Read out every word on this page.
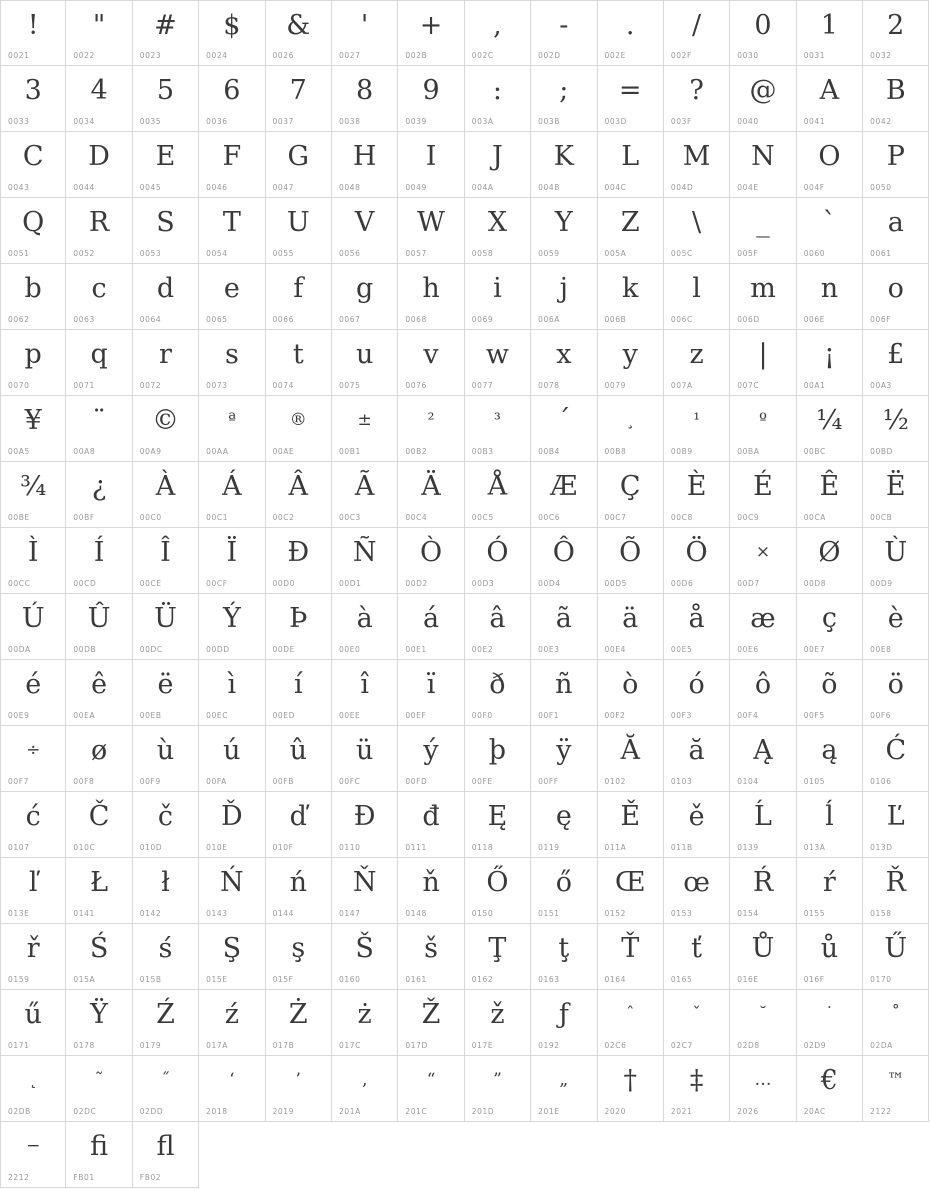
!
0021
"
0022
#
0023
$
0024
&
0026
'
0027
+
002B
,
002C
-
002D
.
002E
/
002F
0
0030
1
0031
2
0032
3
0033
4
0034
5
0035
6
0036
7
0037
8
0038
9
0039
:
003A
;
003B
=
003D
?
003F
@
0040
A
0041
B
0042
C
0043
D
0044
E
0045
F
0046
G
0047
H
0048
I
0049
J
004A
K
004B
L
004C
M
004D
N
004E
O
004F
P
0050
Q
0051
R
0052
S
0053
T
0054
U
0055
V
0056
W
0057
X
0058
Y
0059
Z
005A
\
005C
_
005F
`
0060
a
0061
b
0062
c
0063
d
0064
e
0065
f
0066
g
0067
h
0068
i
0069
j
006A
k
006B
l
006C
m
006D
n
006E
o
006F
p
0070
q
0071
r
0072
s
0073
t
0074
u
0075
v
0076
w
0077
x
0078
y
0079
z
007A
|
007C
¡
00A1
£
00A3
¥
00A5
¨
00A8
©
00A9
ª
00AA
®
00AE
±
00B1
²
00B2
³
00B3
´
00B4
¸
00B8
¹
00B9
º
00BA
¼
00BC
½
00BD
¾
00BE
¿
00BF
À
00C0
Á
00C1
Â
00C2
Ã
00C3
Ä
00C4
Å
00C5
Æ
00C6
Ç
00C7
È
00C8
É
00C9
Ê
00CA
Ë
00CB
Ì
00CC
Í
00CD
Î
00CE
Ï
00CF
Ð
00D0
Ñ
00D1
Ò
00D2
Ó
00D3
Ô
00D4
Õ
00D5
Ö
00D6
×
00D7
Ø
00D8
Ù
00D9
Ú
00DA
Û
00DB
Ü
00DC
Ý
00DD
Þ
00DE
à
00E0
á
00E1
â
00E2
ã
00E3
ä
00E4
å
00E5
æ
00E6
ç
00E7
è
00E8
é
00E9
ê
00EA
ë
00EB
ì
00EC
í
00ED
î
00EE
ï
00EF
ð
00F0
ñ
00F1
ò
00F2
ó
00F3
ô
00F4
õ
00F5
ö
00F6
÷
00F7
ø
00F8
ù
00F9
ú
00FA
û
00FB
ü
00FC
ý
00FD
þ
00FE
ÿ
00FF
Ă
0102
ă
0103
Ą
0104
ą
0105
Ć
0106
ć
0107
Č
010C
č
010D
Ď
010E
ď
010F
Đ
0110
đ
0111
Ę
0118
ę
0119
Ě
011A
ě
011B
Ĺ
0139
ĺ
013A
Ľ
013D
ľ
013E
Ł
0141
ł
0142
Ń
0143
ń
0144
Ň
0147
ň
0148
Ő
0150
ő
0151
Œ
0152
œ
0153
Ŕ
0154
ŕ
0155
Ř
0158
ř
0159
Ś
015A
ś
015B
Ş
015E
ş
015F
Š
0160
š
0161
Ţ
0162
ţ
0163
Ť
0164
ť
0165
Ů
016E
ů
016F
Ű
0170
ű
0171
Ÿ
0178
Ź
0179
ź
017A
Ż
017B
ż
017C
Ž
017D
ž
017E
ƒ
0192
ˆ
02C6
ˇ
02C7
˘
02D8
˙
02D9
˚
02DA
˛
02DB
˜
02DC
˝
02DD
‘
2018
’
2019
‚
201A
“
201C
”
201D
„
201E
†
2020
‡
2021
…
2026
€
20AC
™
2122
−
2212
ﬁ
FB01
ﬂ
FB02
